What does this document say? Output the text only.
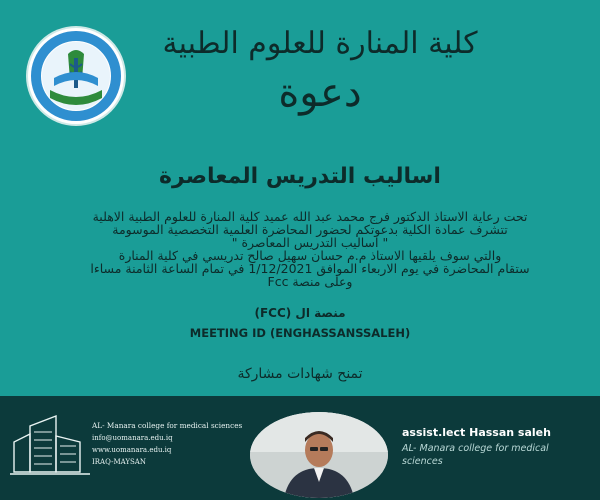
كلية المنارة للعلوم الطبية
دعوة
اساليب التدريس المعاصرة
تحت رعاية الاستاذ الدكتور فرج محمد عبد الله عميد كلية المنارة للعلوم الطبية الاهلية
تتشرف عمادة الكلية بدعوتكم لحضور المحاضرة العلمية التخصصية الموسومة
" اساليب التدريس المعاصرة "
والتي سوف يلقيها الاستاذ م.م حسان سهيل صالح تدريسي في كلية المنارة
ستقام المحاضرة في يوم الاربعاء الموافق 1/12/2021 في تمام الساعة الثامنة مساءا
وعلى منصة Fcc
منصة ال (FCC)
MEETING ID (ENGHASSANSSALEH)
تمنح شهادات مشاركة
AL- Manara college for medical sciences
info@uomanara.edu.iq
www.uomanara.edu.iq
IRAQ-MAYSAN
assist.lect Hassan saleh
AL- Manara college for medical sciences
